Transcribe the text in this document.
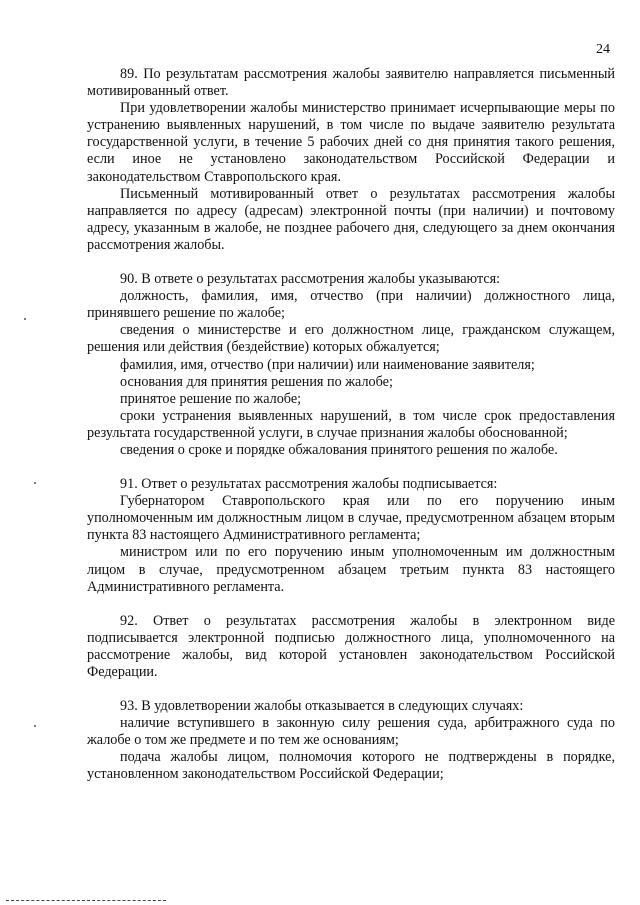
24

89. По результатам рассмотрения жалобы заявителю направляется письменный мотивированный ответ.

При удовлетворении жалобы министерство принимает исчерпывающие меры по устранению выявленных нарушений, в том числе по выдаче заявителю результата государственной услуги, в течение 5 рабочих дней со дня принятия такого решения, если иное не установлено законодательством Российской Федерации и законодательством Ставропольского края.

Письменный мотивированный ответ о результатах рассмотрения жалобы направляется по адресу (адресам) электронной почты (при наличии) и почтовому адресу, указанным в жалобе, не позднее рабочего дня, следующего за днем окончания рассмотрения жалобы.

90. В ответе о результатах рассмотрения жалобы указываются:

должность, фамилия, имя, отчество (при наличии) должностного лица, принявшего решение по жалобе;

сведения о министерстве и его должностном лице, гражданском служащем, решения или действия (бездействие) которых обжалуется;

фамилия, имя, отчество (при наличии) или наименование заявителя;

основания для принятия решения по жалобе;

принятое решение по жалобе;

сроки устранения выявленных нарушений, в том числе срок предоставления результата государственной услуги, в случае признания жалобы обоснованной;

сведения о сроке и порядке обжалования принятого решения по жалобе.

91. Ответ о результатах рассмотрения жалобы подписывается:

Губернатором Ставропольского края или по его поручению иным уполномоченным им должностным лицом в случае, предусмотренном абзацем вторым пункта 83 настоящего Административного регламента;

министром или по его поручению иным уполномоченным им должностным лицом в случае, предусмотренном абзацем третьим пункта 83 настоящего Административного регламента.

92. Ответ о результатах рассмотрения жалобы в электронном виде подписывается электронной подписью должностного лица, уполномоченного на рассмотрение жалобы, вид которой установлен законодательством Российской Федерации.

93. В удовлетворении жалобы отказывается в следующих случаях:

наличие вступившего в законную силу решения суда, арбитражного суда по жалобе о том же предмете и по тем же основаниям;

подача жалобы лицом, полномочия которого не подтверждены в порядке, установленном законодательством Российской Федерации;
